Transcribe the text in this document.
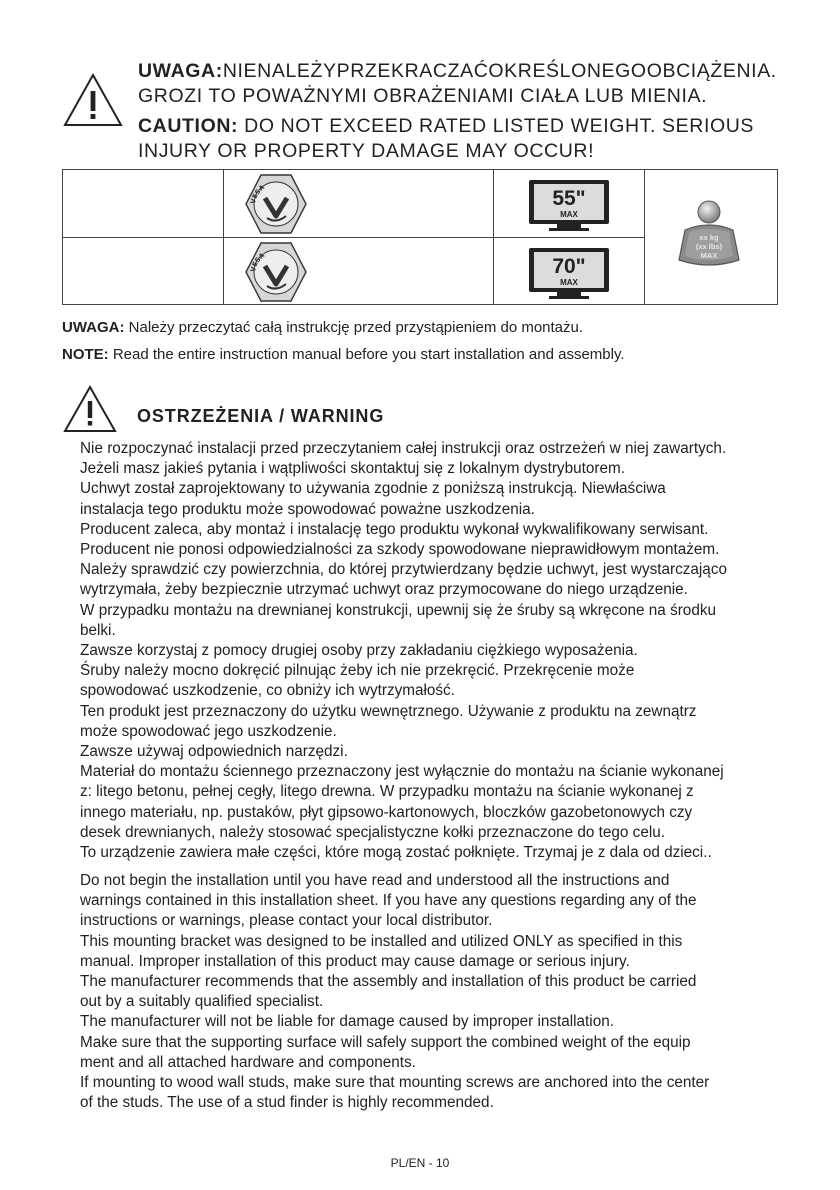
UWAGA:NIENALEŻYPRZEKRACZAĆOKREŚLONEGOOBCIĄŻENIA.
GROZI TO POWAŻNYMI OBRAŻENIAMI CIAŁA LUB MIENIA.
CAUTION: DO NOT EXCEED RATED LISTED WEIGHT. SERIOUS
INJURY OR PROPERTY DAMAGE MAY OCCUR!
VESA
VESA
55"
MAX
70"
MAX
xx kg
(xx lbs)
MAX
UWAGA: Należy przeczytać całą instrukcję przed przystąpieniem do montażu.
NOTE: Read the entire instruction manual before you start installation and assembly.
OSTRZEŻENIA / WARNING
Nie rozpoczynać instalacji przed przeczytaniem całej instrukcji oraz ostrzeżeń w niej zawartych.
Jeżeli masz jakieś pytania i wątpliwości skontaktuj się z lokalnym dystrybutorem.
Uchwyt został zaprojektowany to używania zgodnie z poniższą instrukcją. Niewłaściwa
instalacja tego produktu może spowodować poważne uszkodzenia.
Producent zaleca, aby montaż i instalację tego produktu wykonał wykwalifikowany serwisant.
Producent nie ponosi odpowiedzialności za szkody spowodowane nieprawidłowym montażem.
Należy sprawdzić czy powierzchnia, do której przytwierdzany będzie uchwyt, jest wystarczająco
wytrzymała, żeby bezpiecznie utrzymać uchwyt oraz przymocowane do niego urządzenie.
W przypadku montażu na drewnianej konstrukcji, upewnij się że śruby są wkręcone na środku
belki.
Zawsze korzystaj z pomocy drugiej osoby przy zakładaniu ciężkiego wyposażenia.
Śruby należy mocno dokręcić pilnując żeby ich nie przekręcić. Przekręcenie może
spowodować uszkodzenie, co obniży ich wytrzymałość.
Ten produkt jest przeznaczony do użytku wewnętrznego. Używanie z produktu na zewnątrz
może spowodować jego uszkodzenie.
Zawsze używaj odpowiednich narzędzi.
Materiał do montażu ściennego przeznaczony jest wyłącznie do montażu na ścianie wykonanej
z: litego betonu, pełnej cegły, litego drewna. W przypadku montażu na ścianie wykonanej z
innego materiału, np. pustaków, płyt gipsowo-kartonowych, bloczków gazobetonowych czy
desek drewnianych, należy stosować specjalistyczne kołki przeznaczone do tego celu.
To urządzenie zawiera małe części, które mogą zostać połknięte. Trzymaj je z dala od dzieci..
Do not begin the installation until you have read and understood all the instructions and
warnings contained in this installation sheet. If you have any questions regarding any of the
instructions or warnings, please contact your local distributor.
This mounting bracket was designed to be installed and utilized ONLY as specified in this
manual. Improper installation of this product may cause damage or serious injury.
The manufacturer recommends that the assembly and installation of this product be carried
out by a suitably qualified specialist.
The manufacturer will not be liable for damage caused by improper installation.
Make sure that the supporting surface will safely support the combined weight of the equip
ment and all attached hardware and components.
If mounting to wood wall studs, make sure that mounting screws are anchored into the center
of the studs. The use of a stud finder is highly recommended.
PL/EN - 10
